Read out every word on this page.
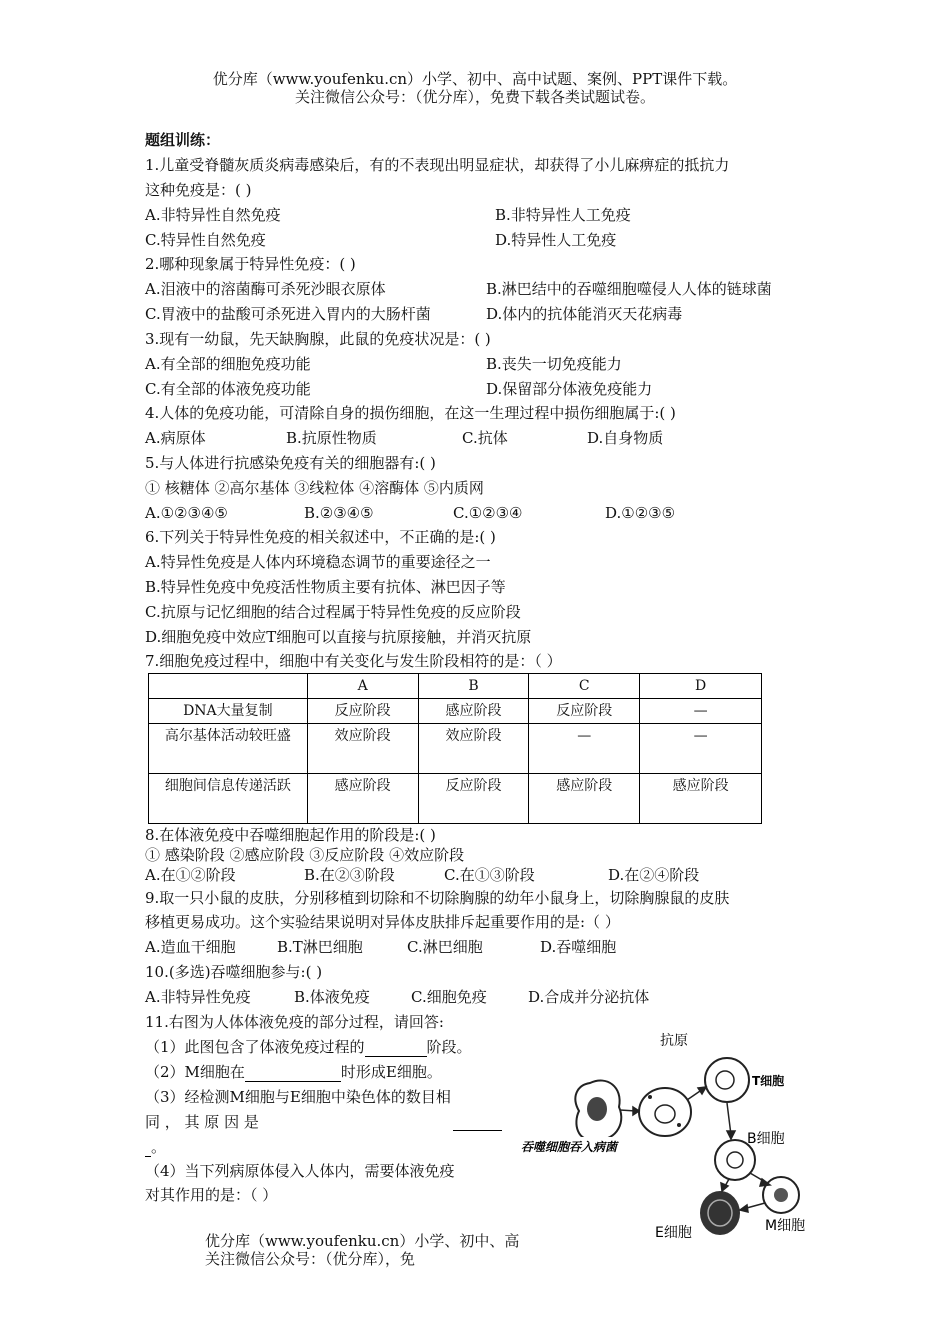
优分库（www.youfenku.cn）小学、初中、高中试题、案例、PPT课件下载。
关注微信公众号：（优分库），免费下载各类试题试卷。
题组训练：
1.儿童受脊髓灰质炎病毒感染后，有的不表现出明显症状，却获得了小儿麻痹症的抵抗力
这种免疫是：( )
A.非特异性自然免疫	B.非特异性人工免疫
C.特异性自然免疫	D.特异性人工免疫
2.哪种现象属于特异性免疫：( )
A.泪液中的溶菌酶可杀死沙眼衣原体	B.淋巴结中的吞噬细胞噬侵人人体的链球菌
C.胃液中的盐酸可杀死进入胃内的大肠杆菌	D.体内的抗体能消灭天花病毒
3.现有一幼鼠，先天缺胸腺，此鼠的免疫状况是：( )
A.有全部的细胞免疫功能	B.丧失一切免疫能力
C.有全部的体液免疫功能	D.保留部分体液免疫能力
4.人体的免疫功能，可清除自身的损伤细胞，在这一生理过程中损伤细胞属于:( )
A.病原体	B.抗原性物质	C.抗体	D.自身物质
5.与人体进行抗感染免疫有关的细胞器有:( )
① 核糖体 ②高尔基体 ③线粒体 ④溶酶体 ⑤内质网
A.①②③④⑤	B.②③④⑤	C.①②③④	D.①②③⑤
6.下列关于特异性免疫的相关叙述中，不正确的是:( )
A.特异性免疫是人体内环境稳态调节的重要途径之一
B.特异性免疫中免疫活性物质主要有抗体、淋巴因子等
C.抗原与记忆细胞的结合过程属于特异性免疫的反应阶段
D.细胞免疫中效应T细胞可以直接与抗原接触，并消灭抗原
7.细胞免疫过程中，细胞中有关变化与发生阶段相符的是：（ ）
	A	B	C	D
DNA大量复制	反应阶段	感应阶段	反应阶段	—
高尔基体活动较旺盛	效应阶段	效应阶段	—	—
细胞间信息传递活跃	感应阶段	反应阶段	感应阶段	感应阶段
8.在体液免疫中吞噬细胞起作用的阶段是:( )
① 感染阶段 ②感应阶段 ③反应阶段 ④效应阶段
A.在①②阶段	B.在②③阶段	C.在①③阶段	D.在②④阶段
9.取一只小鼠的皮肤，分别移植到切除和不切除胸腺的幼年小鼠身上，切除胸腺鼠的皮肤
移植更易成功。这个实验结果说明对异体皮肤排斥起重要作用的是:（ ）
A.造血干细胞	B.T淋巴细胞	C.淋巴细胞	D.吞噬细胞
10.(多选)吞噬细胞参与:( )
A.非特异性免疫	B.体液免疫	C.细胞免疫	D.合成并分泌抗体
11.右图为人体体液免疫的部分过程，请回答:
（1）此图包含了体液免疫过程的	阶段。
（2）M细胞在	时形成E细胞。
（3）经检测M细胞与E细胞中染色体的数目相
同 ， 其 原 因 是
。
（4）当下列病原体侵入人体内，需要体液免疫
对其作用的是：（ ）
抗原
T细胞
B细胞
M细胞
E细胞
吞噬细胞吞入病菌
优分库（www.youfenku.cn）小学、初中、高
关注微信公众号：（优分库），免
